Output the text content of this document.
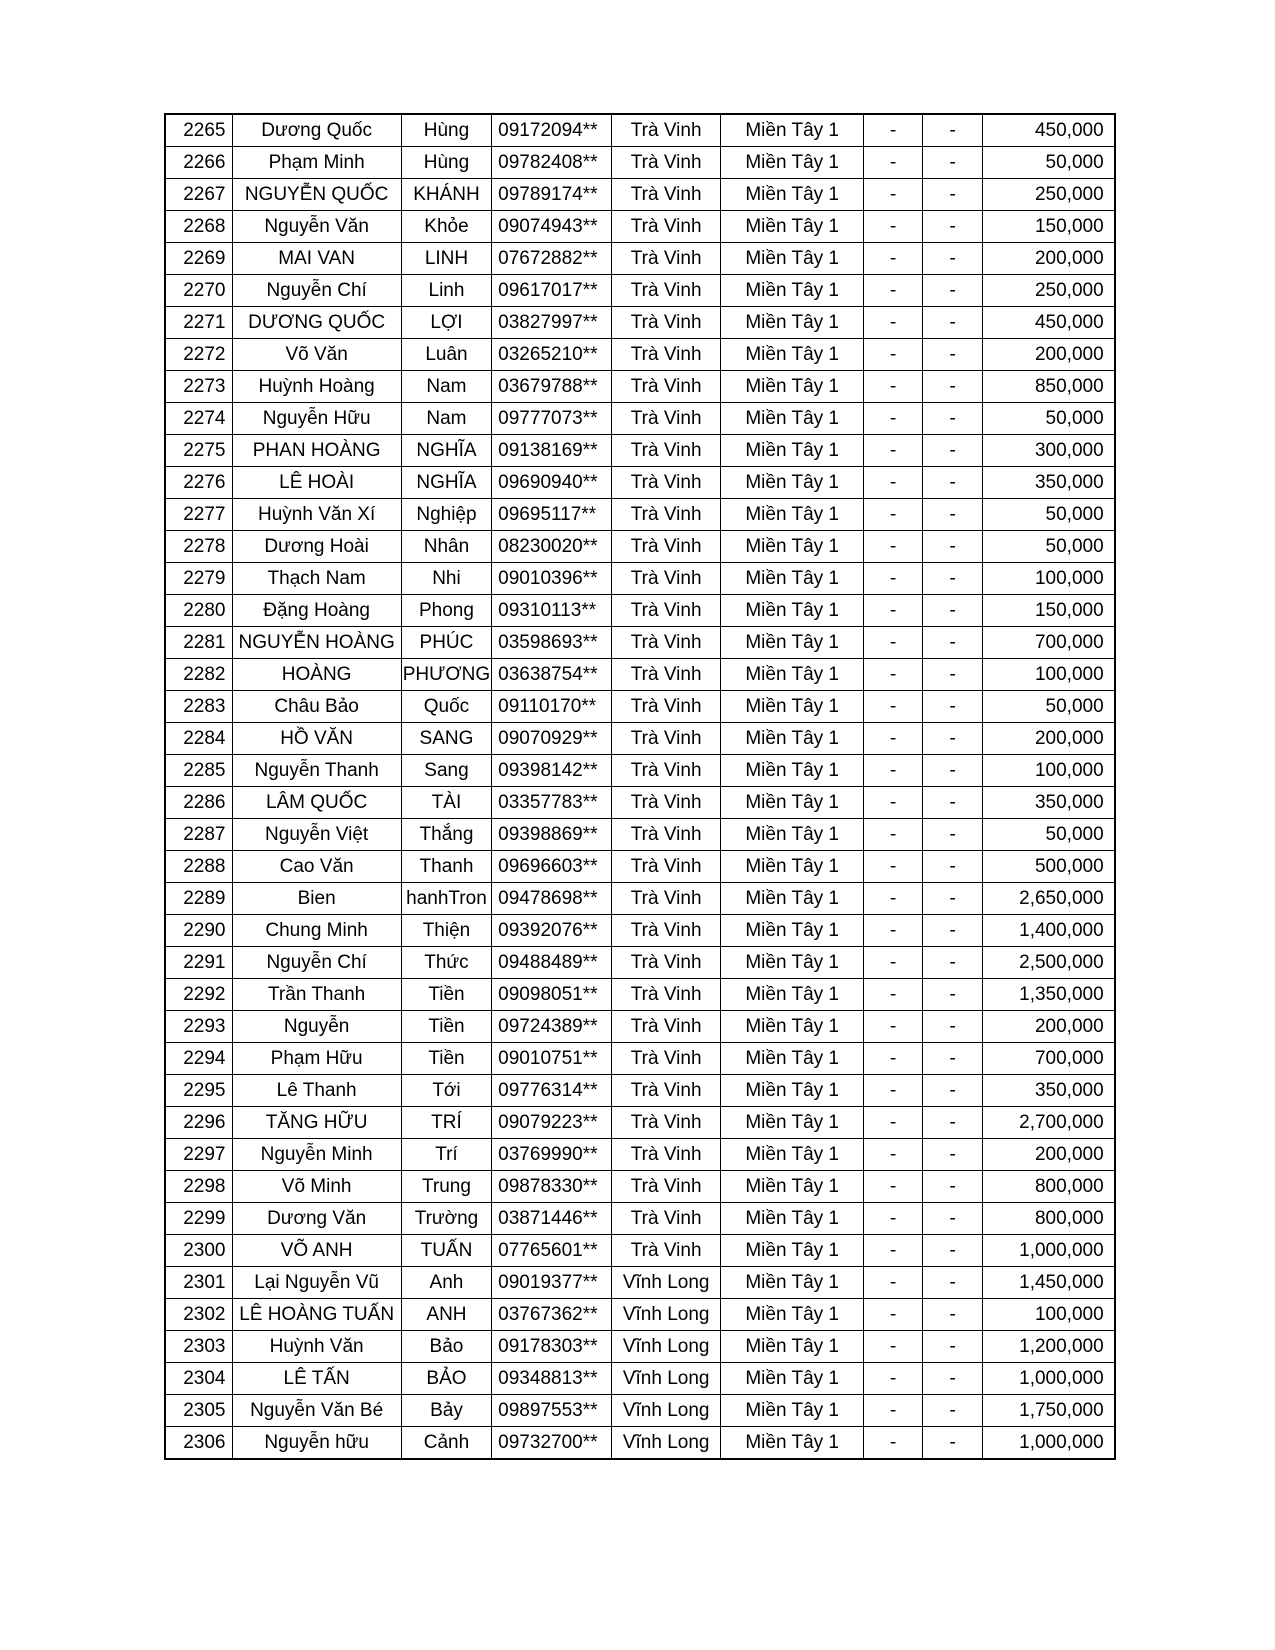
2265	Dương Quốc	Hùng	09172094**	Trà Vinh	Miền Tây 1	-	-	450,000
2266	Phạm Minh	Hùng	09782408**	Trà Vinh	Miền Tây 1	-	-	50,000
2267	NGUYỄN QUỐC	KHÁNH	09789174**	Trà Vinh	Miền Tây 1	-	-	250,000
2268	Nguyễn Văn	Khỏe	09074943**	Trà Vinh	Miền Tây 1	-	-	150,000
2269	MAI VAN	LINH	07672882**	Trà Vinh	Miền Tây 1	-	-	200,000
2270	Nguyễn Chí	Linh	09617017**	Trà Vinh	Miền Tây 1	-	-	250,000
2271	DƯƠNG QUỐC	LỢI	03827997**	Trà Vinh	Miền Tây 1	-	-	450,000
2272	Võ Văn	Luân	03265210**	Trà Vinh	Miền Tây 1	-	-	200,000
2273	Huỳnh Hoàng	Nam	03679788**	Trà Vinh	Miền Tây 1	-	-	850,000
2274	Nguyễn Hữu	Nam	09777073**	Trà Vinh	Miền Tây 1	-	-	50,000
2275	PHAN HOÀNG	NGHĨA	09138169**	Trà Vinh	Miền Tây 1	-	-	300,000
2276	LÊ HOÀI	NGHĨA	09690940**	Trà Vinh	Miền Tây 1	-	-	350,000
2277	Huỳnh Văn Xí	Nghiệp	09695117**	Trà Vinh	Miền Tây 1	-	-	50,000
2278	Dương Hoài	Nhân	08230020**	Trà Vinh	Miền Tây 1	-	-	50,000
2279	Thạch Nam	Nhi	09010396**	Trà Vinh	Miền Tây 1	-	-	100,000
2280	Đặng Hoàng	Phong	09310113**	Trà Vinh	Miền Tây 1	-	-	150,000
2281	NGUYỄN HOÀNG	PHÚC	03598693**	Trà Vinh	Miền Tây 1	-	-	700,000
2282	HOÀNG	PHƯƠNG	03638754**	Trà Vinh	Miền Tây 1	-	-	100,000
2283	Châu Bảo	Quốc	09110170**	Trà Vinh	Miền Tây 1	-	-	50,000
2284	HỒ VĂN	SANG	09070929**	Trà Vinh	Miền Tây 1	-	-	200,000
2285	Nguyễn Thanh	Sang	09398142**	Trà Vinh	Miền Tây 1	-	-	100,000
2286	LÂM QUỐC	TÀI	03357783**	Trà Vinh	Miền Tây 1	-	-	350,000
2287	Nguyễn Việt	Thắng	09398869**	Trà Vinh	Miền Tây 1	-	-	50,000
2288	Cao Văn	Thanh	09696603**	Trà Vinh	Miền Tây 1	-	-	500,000
2289	Bien	hanhTron	09478698**	Trà Vinh	Miền Tây 1	-	-	2,650,000
2290	Chung Minh	Thiện	09392076**	Trà Vinh	Miền Tây 1	-	-	1,400,000
2291	Nguyễn Chí	Thức	09488489**	Trà Vinh	Miền Tây 1	-	-	2,500,000
2292	Trần Thanh	Tiền	09098051**	Trà Vinh	Miền Tây 1	-	-	1,350,000
2293	Nguyễn	Tiền	09724389**	Trà Vinh	Miền Tây 1	-	-	200,000
2294	Phạm Hữu	Tiền	09010751**	Trà Vinh	Miền Tây 1	-	-	700,000
2295	Lê Thanh	Tới	09776314**	Trà Vinh	Miền Tây 1	-	-	350,000
2296	TĂNG HỮU	TRÍ	09079223**	Trà Vinh	Miền Tây 1	-	-	2,700,000
2297	Nguyễn Minh	Trí	03769990**	Trà Vinh	Miền Tây 1	-	-	200,000
2298	Võ Minh	Trung	09878330**	Trà Vinh	Miền Tây 1	-	-	800,000
2299	Dương Văn	Trường	03871446**	Trà Vinh	Miền Tây 1	-	-	800,000
2300	VÕ ANH	TUẤN	07765601**	Trà Vinh	Miền Tây 1	-	-	1,000,000
2301	Lại Nguyễn Vũ	Anh	09019377**	Vĩnh Long	Miền Tây 1	-	-	1,450,000
2302	LÊ HOÀNG TUẤN	ANH	03767362**	Vĩnh Long	Miền Tây 1	-	-	100,000
2303	Huỳnh Văn	Bảo	09178303**	Vĩnh Long	Miền Tây 1	-	-	1,200,000
2304	LÊ TẤN	BẢO	09348813**	Vĩnh Long	Miền Tây 1	-	-	1,000,000
2305	Nguyễn Văn Bé	Bảy	09897553**	Vĩnh Long	Miền Tây 1	-	-	1,750,000
2306	Nguyễn hữu	Cảnh	09732700**	Vĩnh Long	Miền Tây 1	-	-	1,000,000
